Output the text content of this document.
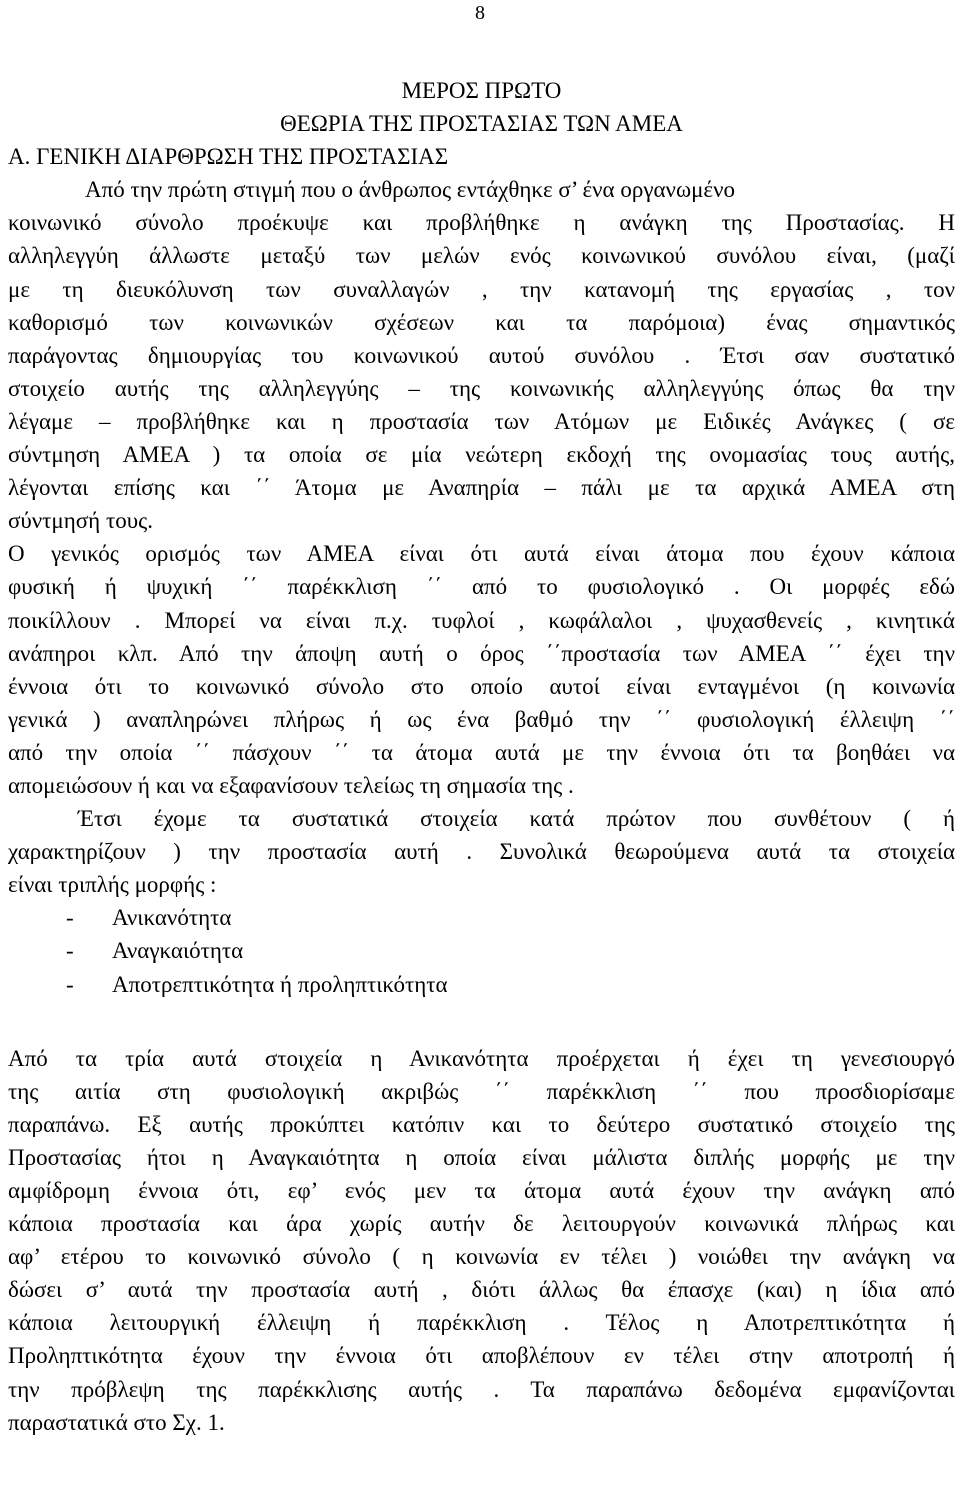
8
ΜΕΡΟΣ ΠΡΩΤΟ
ΘΕΩΡΙΑ ΤΗΣ ΠΡΟΣΤΑΣΙΑΣ ΤΩΝ ΑΜΕΑ
Α. ΓΕΝΙΚΗ ΔΙΑΡΘΡΩΣΗ ΤΗΣ ΠΡΟΣΤΑΣΙΑΣ
Από την πρώτη στιγμή που ο άνθρωπος εντάχθηκε σ’ ένα οργανωμένο
κοινωνικό σύνολο προέκυψε και προβλήθηκε η ανάγκη της Προστασίας. Η
αλληλεγγύη άλλωστε μεταξύ των μελών ενός κοινωνικού συνόλου είναι, (μαζί
με τη διευκόλυνση των συναλλαγών , την κατανομή της εργασίας , τον
καθορισμό των κοινωνικών σχέσεων και τα παρόμοια) ένας σημαντικός
παράγοντας δημιουργίας του κοινωνικού αυτού συνόλου . Έτσι σαν συστατικό
στοιχείο αυτής της αλληλεγγύης – της κοινωνικής αλληλεγγύης όπως θα την
λέγαμε – προβλήθηκε και η προστασία των Ατόμων με Ειδικές Ανάγκες ( σε
σύντμηση ΑΜΕΑ ) τα οποία σε μία νεώτερη εκδοχή της ονομασίας τους αυτής,
λέγονται επίσης και ΄΄ Άτομα με Αναπηρία – πάλι με τα αρχικά ΑΜΕΑ στη
σύντμησή τους.
Ο γενικός ορισμός των ΑΜΕΑ είναι ότι αυτά είναι άτομα που έχουν κάποια
φυσική ή ψυχική ΄΄ παρέκκλιση ΄΄ από το φυσιολογικό . Οι μορφές εδώ
ποικίλλουν . Μπορεί να είναι π.χ. τυφλοί , κωφάλαλοι , ψυχασθενείς , κινητικά
ανάπηροι κλπ. Από την άποψη αυτή ο όρος ΄΄προστασία των ΑΜΕΑ ΄΄ έχει την
έννοια ότι το κοινωνικό σύνολο στο οποίο αυτοί είναι ενταγμένοι (η κοινωνία
γενικά ) αναπληρώνει πλήρως ή ως ένα βαθμό την ΄΄ φυσιολογική έλλειψη ΄΄
από την οποία ΄΄ πάσχουν ΄΄ τα άτομα αυτά με την έννοια ότι τα βοηθάει να
απομειώσουν ή και να εξαφανίσουν τελείως τη σημασία της .
Έτσι έχομε τα συστατικά στοιχεία κατά πρώτον που συνθέτουν ( ή
χαρακτηρίζουν ) την προστασία αυτή . Συνολικά θεωρούμενα αυτά τα στοιχεία
είναι τριπλής μορφής :
- Ανικανότητα
- Αναγκαιότητα
- Αποτρεπτικότητα ή προληπτικότητα
Από τα τρία αυτά στοιχεία η Ανικανότητα προέρχεται ή έχει τη γενεσιουργό
της αιτία στη φυσιολογική ακριβώς ΄΄ παρέκκλιση ΄΄ που προσδιορίσαμε
παραπάνω. Εξ αυτής προκύπτει κατόπιν και το δεύτερο συστατικό στοιχείο της
Προστασίας ήτοι η Αναγκαιότητα η οποία είναι μάλιστα διπλής μορφής με την
αμφίδρομη έννοια ότι, εφ’ ενός μεν τα άτομα αυτά έχουν την ανάγκη από
κάποια προστασία και άρα χωρίς αυτήν δε λειτουργούν κοινωνικά πλήρως και
αφ’ ετέρου το κοινωνικό σύνολο ( η κοινωνία εν τέλει ) νοιώθει την ανάγκη να
δώσει σ’ αυτά την προστασία αυτή , διότι άλλως θα έπασχε (και) η ίδια από
κάποια λειτουργική έλλειψη ή παρέκκλιση . Τέλος η Αποτρεπτικότητα ή
Προληπτικότητα έχουν την έννοια ότι αποβλέπουν εν τέλει στην αποτροπή ή
την πρόβλεψη της παρέκκλισης αυτής . Τα παραπάνω δεδομένα εμφανίζονται
παραστατικά στο Σχ. 1.
